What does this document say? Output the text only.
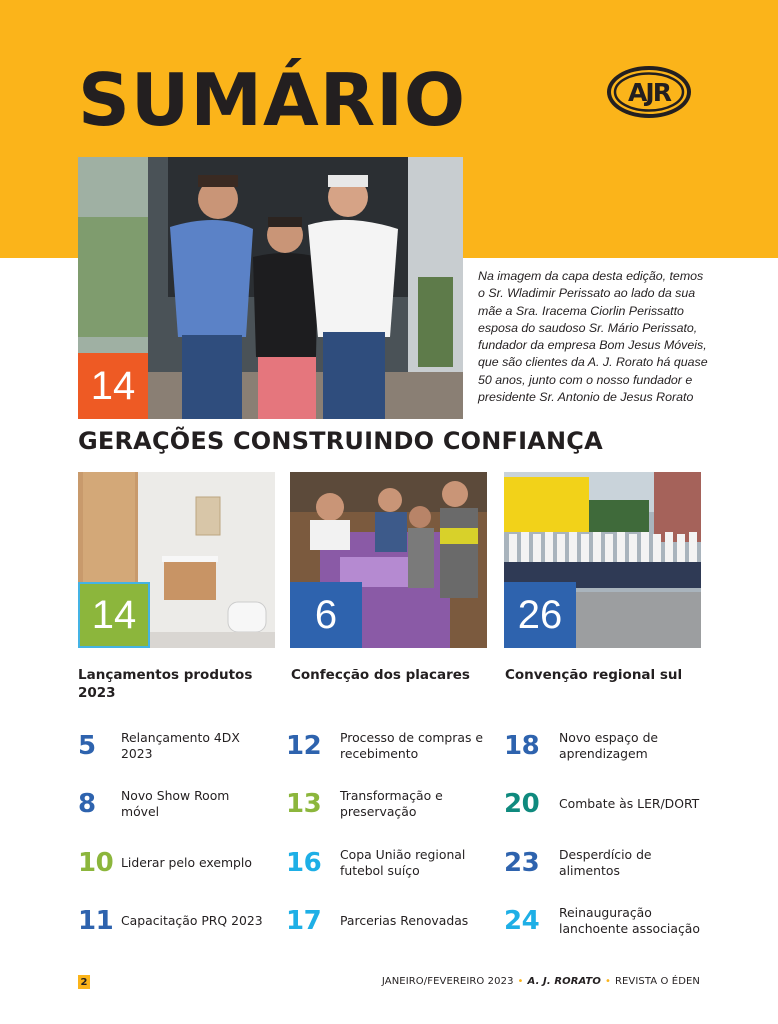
SUMÁRIO	AJR
14

Na imagem da capa desta edição, temos o Sr. Wladimir Perissato ao lado da sua mãe a Sra. Iracema Ciorlin Perissatto esposa do saudoso Sr. Mário Perissato, fundador da empresa Bom Jesus Móveis, que são clientes da A. J. Rorato há quase 50 anos, junto com o nosso fundador e presidente Sr. Antonio de Jesus Rorato

GERAÇÕES CONSTRUINDO CONFIANÇA
14	6	26

Lançamentos produtos 2023

Confecção dos placares	Convenção regional sul

5 Relançamento 4DX 2023
8 Novo Show Room móvel
10 Liderar pelo exemplo
11 Capacitação PRQ 2023
12 Processo de compras e recebimento
13 Transformação e preservação
16 Copa União regional futebol suíço
17 Parcerias Renovadas
18 Novo espaço de aprendizagem
20 Combate às LER/DORT
23 Desperdício de alimentos
24 Reinauguração lanchoente associação
2	JANEIRO/FEVEREIRO 2023 • A. J. RORATO • REVISTA O ÉDEN
